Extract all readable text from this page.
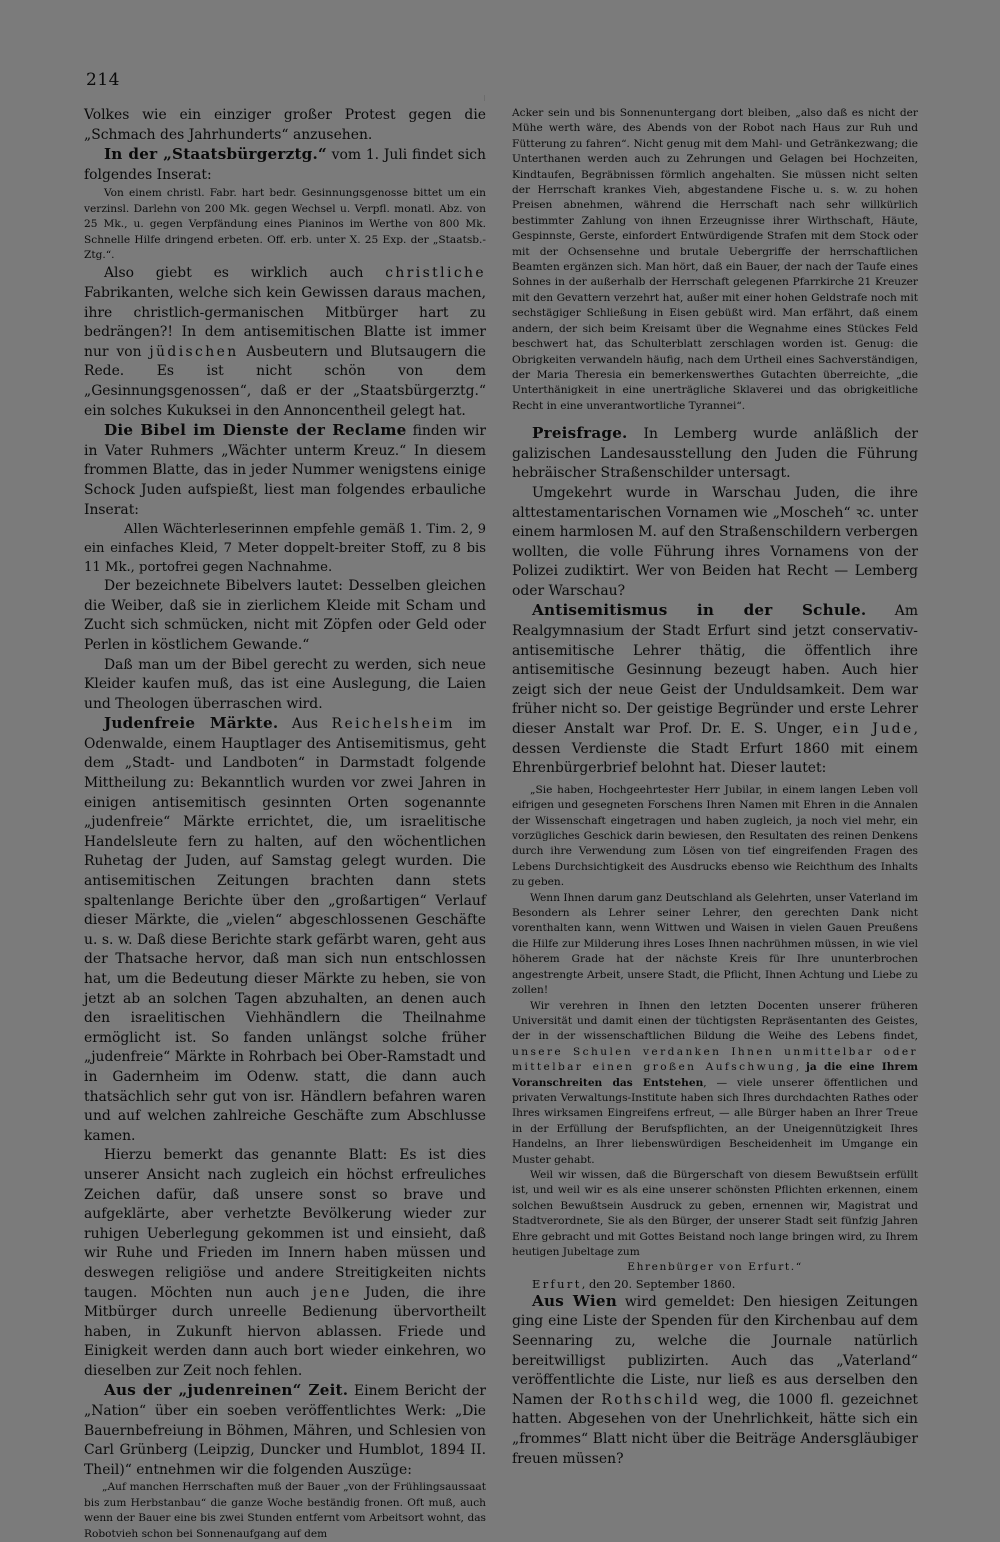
214

Volkes wie ein einziger großer Protest gegen die „Schmach des Jahrhunderts“ anzusehen.

In der „Staatsbürgerztg.“ vom 1. Juli findet sich folgendes Inserat:

Von einem christl. Fabr. hart bedr. Gesinnungsgenosse bittet um ein verzinsl. Darlehn von 200 Mk. gegen Wechsel u. Verpfl. monatl. Abz. von 25 Mk., u. gegen Verpfändung eines Pianinos im Werthe von 800 Mk. Schnelle Hilfe dringend erbeten. Off. erb. unter X. 25 Exp. der „Staatsb.-Ztg.“.

Also giebt es wirklich auch christliche Fabrikanten, welche sich kein Gewissen daraus machen, ihre christlich-germanischen Mitbürger hart zu bedrängen?! In dem antisemitischen Blatte ist immer nur von jüdischen Ausbeutern und Blutsaugern die Rede. Es ist nicht schön von dem „Gesinnungsgenossen“, daß er der „Staatsbürgerztg.“ ein solches Kukuksei in den Annoncentheil gelegt hat.

Die Bibel im Dienste der Reclame finden wir in Vater Ruhmers „Wächter unterm Kreuz.“ In diesem frommen Blatte, das in jeder Nummer wenigstens einige Schock Juden aufspießt, liest man folgendes erbauliche Inserat:

Allen Wächterleserinnen empfehle gemäß 1. Tim. 2, 9 ein einfaches Kleid, 7 Meter doppelt-breiter Stoff, zu 8 bis 11 Mk., portofrei gegen Nachnahme.

Der bezeichnete Bibelvers lautet: Desselben gleichen die Weiber, daß sie in zierlichem Kleide mit Scham und Zucht sich schmücken, nicht mit Zöpfen oder Geld oder Perlen in köstlichem Gewande.“

Daß man um der Bibel gerecht zu werden, sich neue Kleider kaufen muß, das ist eine Auslegung, die Laien und Theologen überraschen wird.

Judenfreie Märkte. Aus Reichelsheim im Odenwalde, einem Hauptlager des Antisemitismus, geht dem „Stadt- und Landboten“ in Darmstadt folgende Mittheilung zu: Bekanntlich wurden vor zwei Jahren in einigen antisemitisch gesinnten Orten sogenannte „judenfreie“ Märkte errichtet, die, um israelitische Handelsleute fern zu halten, auf den wöchentlichen Ruhetag der Juden, auf Samstag gelegt wurden. Die antisemitischen Zeitungen brachten dann stets spaltenlange Berichte über den „großartigen“ Verlauf dieser Märkte, die „vielen“ abgeschlossenen Geschäfte u. s. w. Daß diese Berichte stark gefärbt waren, geht aus der Thatsache hervor, daß man sich nun entschlossen hat, um die Bedeutung dieser Märkte zu heben, sie von jetzt ab an solchen Tagen abzuhalten, an denen auch den israelitischen Viehhändlern die Theilnahme ermöglicht ist. So fanden unlängst solche früher „judenfreie“ Märkte in Rohrbach bei Ober-Ramstadt und in Gadernheim im Odenw. statt, die dann auch thatsächlich sehr gut von isr. Händlern befahren waren und auf welchen zahlreiche Geschäfte zum Abschlusse kamen.

Hierzu bemerkt das genannte Blatt: Es ist dies unserer Ansicht nach zugleich ein höchst erfreuliches Zeichen dafür, daß unsere sonst so brave und aufgeklärte, aber verhetzte Bevölkerung wieder zur ruhigen Ueberlegung gekommen ist und einsieht, daß wir Ruhe und Frieden im Innern haben müssen und deswegen religiöse und andere Streitigkeiten nichts taugen. Möchten nun auch jene Juden, die ihre Mitbürger durch unreelle Bedienung übervortheilt haben, in Zukunft hiervon ablassen. Friede und Einigkeit werden dann auch bort wieder einkehren, wo dieselben zur Zeit noch fehlen.

Aus der „judenreinen“ Zeit. Einem Bericht der „Nation“ über ein soeben veröffentlichtes Werk: „Die Bauernbefreiung in Böhmen, Mähren, und Schlesien von Carl Grünberg (Leipzig, Duncker und Humblot, 1894 II. Theil)“ entnehmen wir die folgenden Auszüge:

„Auf manchen Herrschaften muß der Bauer „von der Frühlingsaussaat bis zum Herbstanbau“ die ganze Woche beständig fronen. Oft muß, auch wenn der Bauer eine bis zwei Stunden entfernt vom Arbeitsort wohnt, das Robotvieh schon bei Sonnenaufgang auf dem

Acker sein und bis Sonnenuntergang dort bleiben, „also daß es nicht der Mühe werth wäre, des Abends von der Robot nach Haus zur Ruh und Fütterung zu fahren“. Nicht genug mit dem Mahl- und Getränkezwang; die Unterthanen werden auch zu Zehrungen und Gelagen bei Hochzeiten, Kindtaufen, Begräbnissen förmlich angehalten. Sie müssen nicht selten der Herrschaft krankes Vieh, abgestandene Fische u. s. w. zu hohen Preisen abnehmen, während die Herrschaft nach sehr willkürlich bestimmter Zahlung von ihnen Erzeugnisse ihrer Wirthschaft, Häute, Gespinnste, Gerste, einfordert Entwürdigende Strafen mit dem Stock oder mit der Ochsensehne und brutale Uebergriffe der herrschaftlichen Beamten ergänzen sich. Man hört, daß ein Bauer, der nach der Taufe eines Sohnes in der außerhalb der Herrschaft gelegenen Pfarrkirche 21 Kreuzer mit den Gevattern verzehrt hat, außer mit einer hohen Geldstrafe noch mit sechstägiger Schließung in Eisen gebüßt wird. Man erfährt, daß einem andern, der sich beim Kreisamt über die Wegnahme eines Stückes Feld beschwert hat, das Schulterblatt zerschlagen worden ist. Genug: die Obrigkeiten verwandeln häufig, nach dem Urtheil eines Sachverständigen, der Maria Theresia ein bemerkenswerthes Gutachten überreichte, „die Unterthänigkeit in eine unerträgliche Sklaverei und das obrigkeitliche Recht in eine unverantwortliche Tyrannei“.

Preisfrage. In Lemberg wurde anläßlich der galizischen Landesausstellung den Juden die Führung hebräischer Straßenschilder untersagt.

Umgekehrt wurde in Warschau Juden, die ihre alttestamentarischen Vornamen wie „Moscheh“ ꝛc. unter einem harmlosen M. auf den Straßenschildern verbergen wollten, die volle Führung ihres Vornamens von der Polizei zudiktirt. Wer von Beiden hat Recht — Lemberg oder Warschau?

Antisemitismus in der Schule. Am Realgymnasium der Stadt Erfurt sind jetzt conservativ-antisemitische Lehrer thätig, die öffentlich ihre antisemitische Gesinnung bezeugt haben. Auch hier zeigt sich der neue Geist der Unduldsamkeit. Dem war früher nicht so. Der geistige Begründer und erste Lehrer dieser Anstalt war Prof. Dr. E. S. Unger, ein Jude, dessen Verdienste die Stadt Erfurt 1860 mit einem Ehrenbürgerbrief belohnt hat. Dieser lautet:

„Sie haben, Hochgeehrtester Herr Jubilar, in einem langen Leben voll eifrigen und gesegneten Forschens Ihren Namen mit Ehren in die Annalen der Wissenschaft eingetragen und haben zugleich, ja noch viel mehr, ein vorzügliches Geschick darin bewiesen, den Resultaten des reinen Denkens durch ihre Verwendung zum Lösen von tief eingreifenden Fragen des Lebens Durchsichtigkeit des Ausdrucks ebenso wie Reichthum des Inhalts zu geben.

Wenn Ihnen darum ganz Deutschland als Gelehrten, unser Vaterland im Besondern als Lehrer seiner Lehrer, den gerechten Dank nicht vorenthalten kann, wenn Wittwen und Waisen in vielen Gauen Preußens die Hilfe zur Milderung ihres Loses Ihnen nachrühmen müssen, in wie viel höherem Grade hat der nächste Kreis für Ihre ununterbrochen angestrengte Arbeit, unsere Stadt, die Pflicht, Ihnen Achtung und Liebe zu zollen!

Wir verehren in Ihnen den letzten Docenten unserer früheren Universität und damit einen der tüchtigsten Repräsentanten des Geistes, der in der wissenschaftlichen Bildung die Weihe des Lebens findet, unsere Schulen verdanken Ihnen unmittelbar oder mittelbar einen großen Aufschwung, ja die eine Ihrem Voranschreiten das Entstehen, — viele unserer öffentlichen und privaten Verwaltungs-Institute haben sich Ihres durchdachten Rathes oder Ihres wirksamen Eingreifens erfreut, — alle Bürger haben an Ihrer Treue in der Erfüllung der Berufspflichten, an der Uneigennützigkeit Ihres Handelns, an Ihrer liebenswürdigen Bescheidenheit im Umgange ein Muster gehabt.

Weil wir wissen, daß die Bürgerschaft von diesem Bewußtsein erfüllt ist, und weil wir es als eine unserer schönsten Pflichten erkennen, einem solchen Bewußtsein Ausdruck zu geben, ernennen wir, Magistrat und Stadtverordnete, Sie als den Bürger, der unserer Stadt seit fünfzig Jahren Ehre gebracht und mit Gottes Beistand noch lange bringen wird, zu Ihrem heutigen Jubeltage zum

Ehrenbürger von Erfurt.“

Erfurt, den 20. September 1860.

Aus Wien wird gemeldet: Den hiesigen Zeitungen ging eine Liste der Spenden für den Kirchenbau auf dem Seennaring zu, welche die Journale natürlich bereitwilligst publizirten. Auch das „Vaterland“ veröffentlichte die Liste, nur ließ es aus derselben den Namen der Rothschild weg, die 1000 fl. gezeichnet hatten. Abgesehen von der Unehrlichkeit, hätte sich ein „frommes“ Blatt nicht über die Beiträge Andersgläubiger freuen müssen?
